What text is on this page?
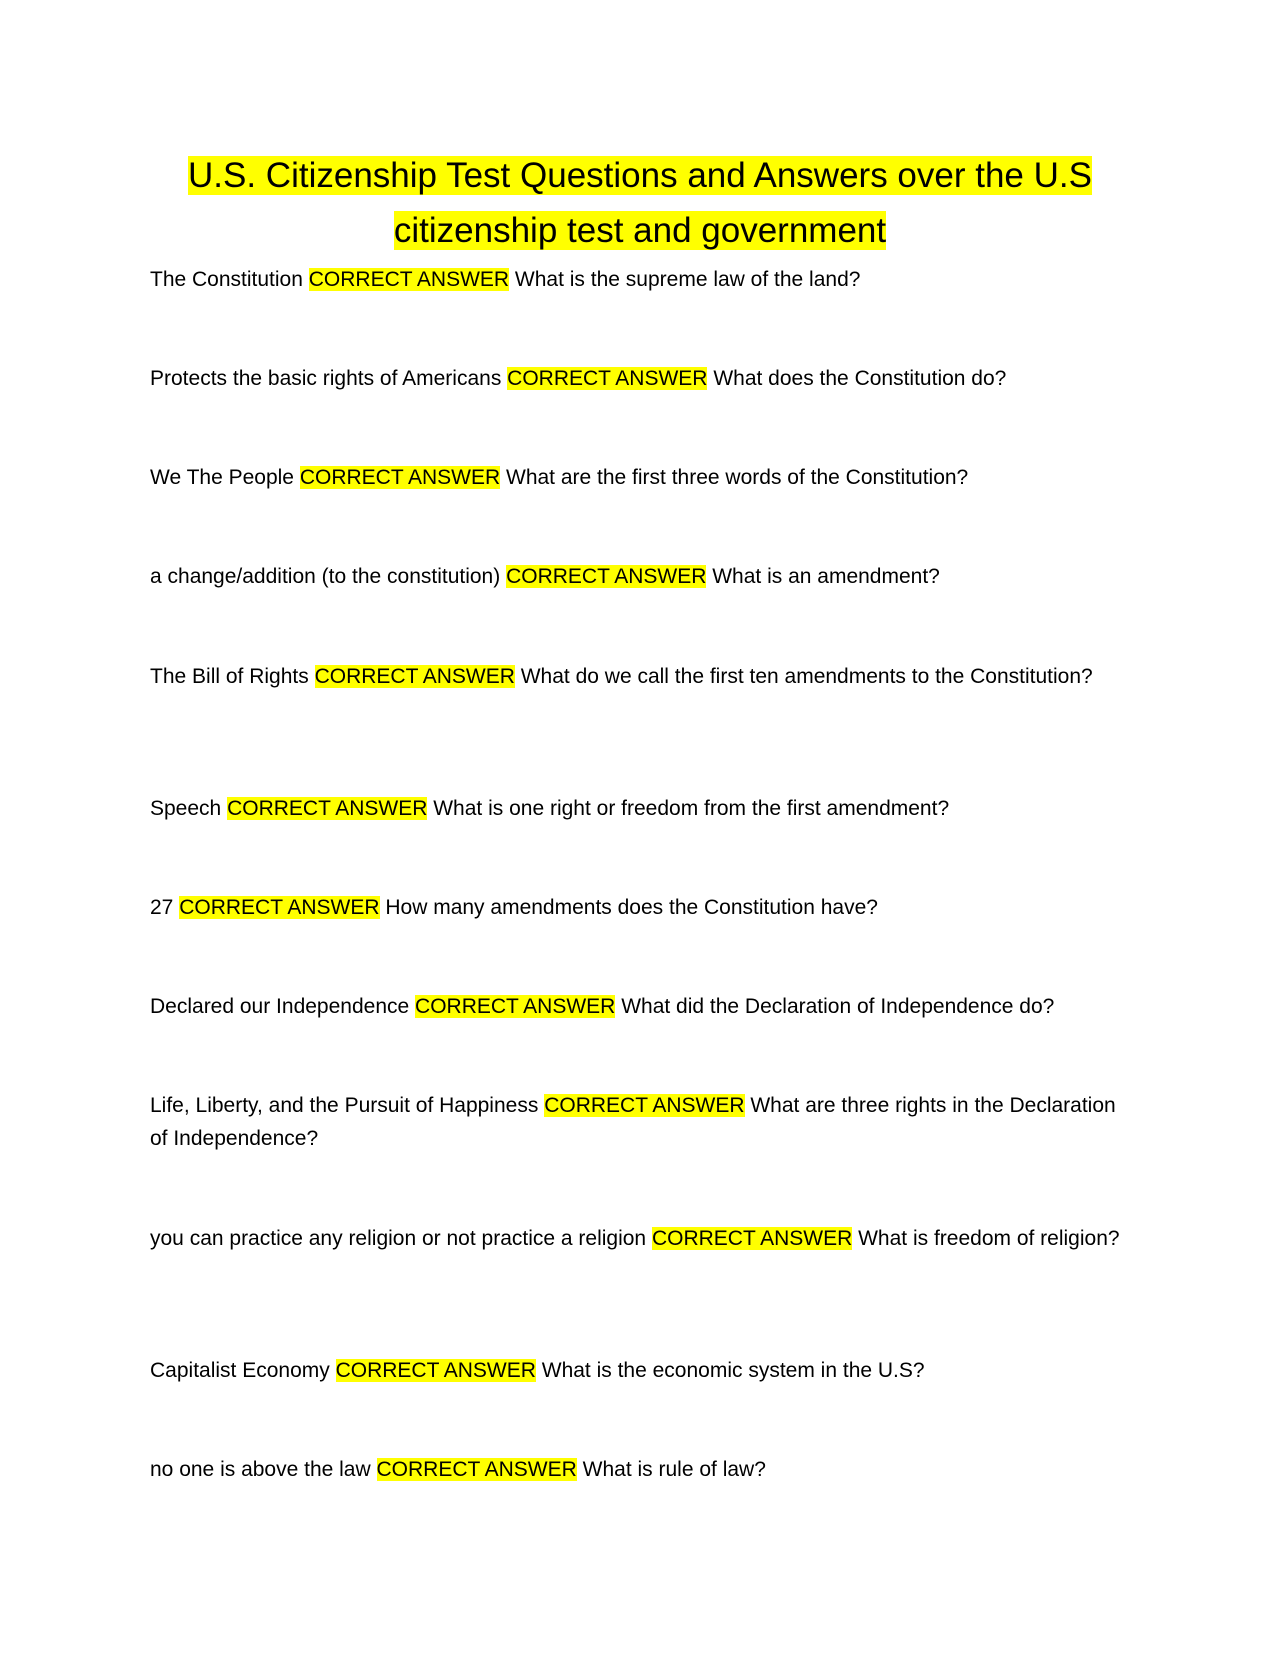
U.S. Citizenship Test Questions and Answers over the U.S citizenship test and government

The Constitution CORRECT ANSWER What is the supreme law of the land?

Protects the basic rights of Americans CORRECT ANSWER What does the Constitution do?

We The People CORRECT ANSWER What are the first three words of the Constitution?

a change/addition (to the constitution) CORRECT ANSWER What is an amendment?

The Bill of Rights CORRECT ANSWER What do we call the first ten amendments to the Constitution?

Speech CORRECT ANSWER What is one right or freedom from the first amendment?

27 CORRECT ANSWER How many amendments does the Constitution have?

Declared our Independence CORRECT ANSWER What did the Declaration of Independence do?

Life, Liberty, and the Pursuit of Happiness CORRECT ANSWER What are three rights in the Declaration of Independence?

you can practice any religion or not practice a religion CORRECT ANSWER What is freedom of religion?

Capitalist Economy CORRECT ANSWER What is the economic system in the U.S?

no one is above the law CORRECT ANSWER What is rule of law?
